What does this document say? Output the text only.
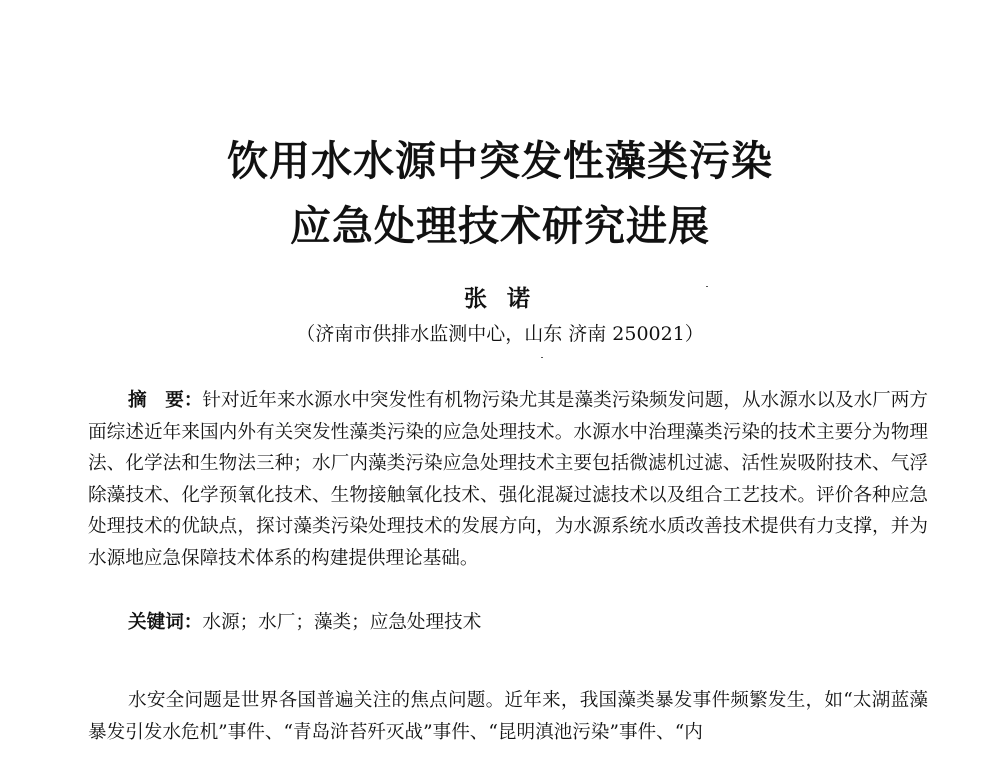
饮用水水源中突发性藻类污染
应急处理技术研究进展
张 诺
（济南市供排水监测中心，山东 济南 250021）

摘　要：针对近年来水源水中突发性有机物污染尤其是藻类污染频发问题，从水源水以及水厂两方面综述近年来国内外有关突发性藻类污染的应急处理技术。水源水中治理藻类污染的技术主要分为物理法、化学法和生物法三种；水厂内藻类污染应急处理技术主要包括微滤机过滤、活性炭吸附技术、气浮除藻技术、化学预氧化技术、生物接触氧化技术、强化混凝过滤技术以及组合工艺技术。评价各种应急处理技术的优缺点，探讨藻类污染处理技术的发展方向，为水源系统水质改善技术提供有力支撑，并为水源地应急保障技术体系的构建提供理论基础。

关键词：水源；水厂；藻类；应急处理技术

水安全问题是世界各国普遍关注的焦点问题。近年来，我国藻类暴发事件频繁发生，如“太湖蓝藻暴发引发水危机”事件、“青岛浒苔歼灭战”事件、“昆明滇池污染”事件、“内
